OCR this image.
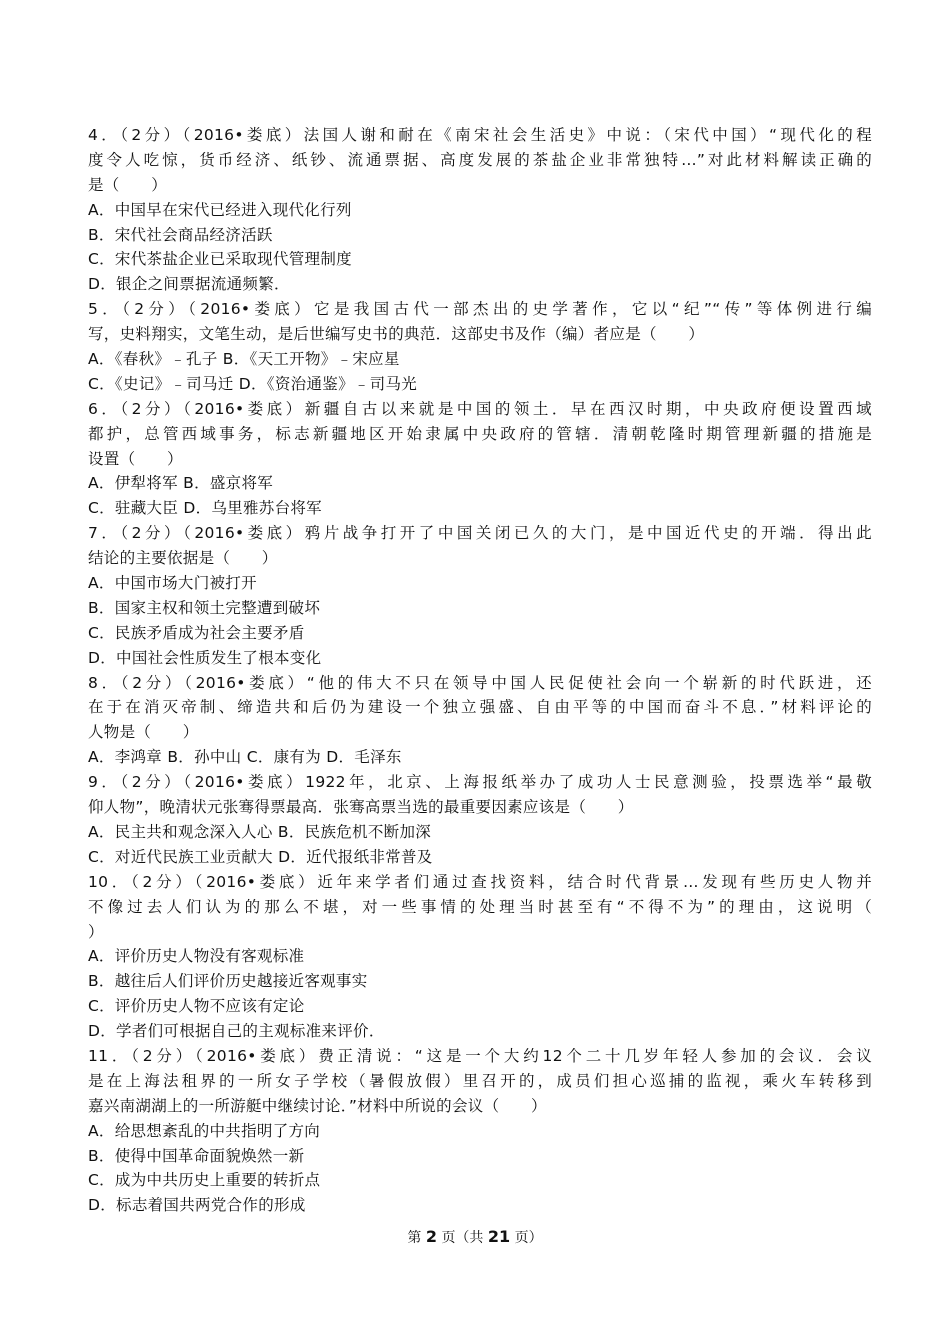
4．（2分）（2016•娄底）法国人谢和耐在《南宋社会生活史》中说：（宋代中国）“现代化的程
度令人吃惊，货币经济、纸钞、流通票据、高度发展的茶盐企业非常独特…”对此材料解读正确的
是（　　）
A．中国早在宋代已经进入现代化行列
B．宋代社会商品经济活跃
C．宋代茶盐企业已采取现代管理制度
D．银企之间票据流通频繁．
5．（2分）（2016•娄底）它是我国古代一部杰出的史学著作，它以“纪”“传”等体例进行编
写，史料翔实，文笔生动，是后世编写史书的典范．这部史书及作（编）者应是（　　）
A．《春秋》﹣孔子 B．《天工开物》﹣宋应星
C．《史记》﹣司马迁 D．《资治通鉴》﹣司马光
6．（2分）（2016•娄底）新疆自古以来就是中国的领土．早在西汉时期，中央政府便设置西域
都护，总管西域事务，标志新疆地区开始隶属中央政府的管辖．清朝乾隆时期管理新疆的措施是
设置（　　）
A．伊犁将军 B．盛京将军
C．驻藏大臣 D．乌里雅苏台将军
7．（2分）（2016•娄底）鸦片战争打开了中国关闭已久的大门，是中国近代史的开端．得出此
结论的主要依据是（　　）
A．中国市场大门被打开
B．国家主权和领土完整遭到破坏
C．民族矛盾成为社会主要矛盾
D．中国社会性质发生了根本变化
8．（2分）（2016•娄底）“他的伟大不只在领导中国人民促使社会向一个崭新的时代跃进，还
在于在消灭帝制、缔造共和后仍为建设一个独立强盛、自由平等的中国而奋斗不息．”材料评论的
人物是（　　）
A．李鸿章 B．孙中山 C．康有为 D．毛泽东
9．（2分）（2016•娄底）1922年，北京、上海报纸举办了成功人士民意测验，投票选举“最敬
仰人物”，晚清状元张骞得票最高．张骞高票当选的最重要因素应该是（　　）
A．民主共和观念深入人心 B．民族危机不断加深
C．对近代民族工业贡献大 D．近代报纸非常普及
10．（2分）（2016•娄底）近年来学者们通过查找资料，结合时代背景…发现有些历史人物并
不像过去人们认为的那么不堪，对一些事情的处理当时甚至有“不得不为”的理由，这说明（
）
A．评价历史人物没有客观标准
B．越往后人们评价历史越接近客观事实
C．评价历史人物不应该有定论
D．学者们可根据自己的主观标准来评价．
11．（2分）（2016•娄底）费正清说：“这是一个大约12个二十几岁年轻人参加的会议．会议
是在上海法租界的一所女子学校（暑假放假）里召开的，成员们担心巡捕的监视，乘火车转移到
嘉兴南湖湖上的一所游艇中继续讨论．”材料中所说的会议（　　）
A．给思想紊乱的中共指明了方向
B．使得中国革命面貌焕然一新
C．成为中共历史上重要的转折点
D．标志着国共两党合作的形成
第 2 页（共 21 页）
